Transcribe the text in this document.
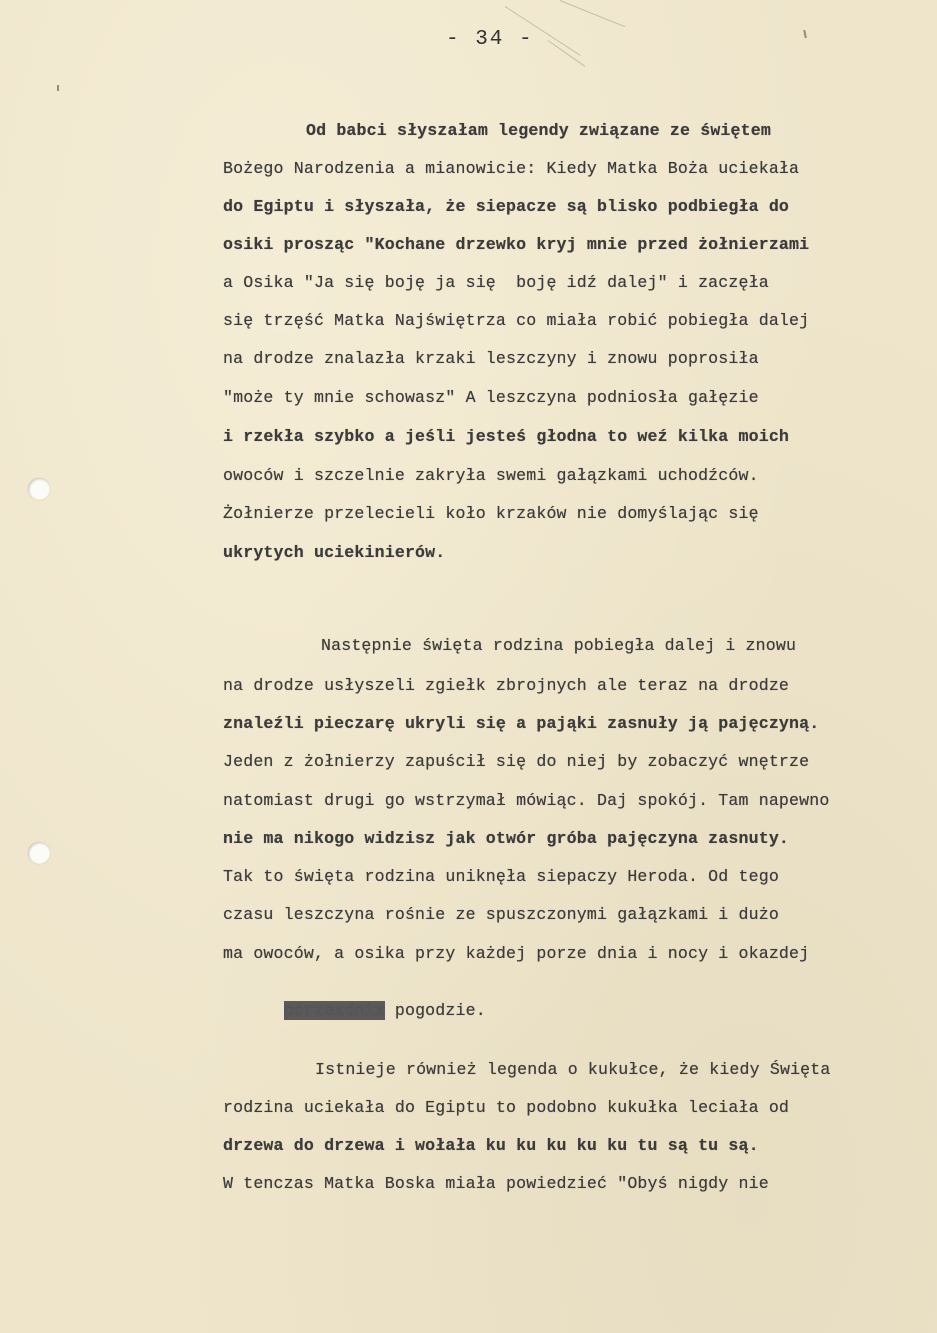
- 34 -
Od babci słyszałam legendy związane ze świętem
Bożego Narodzenia a mianowicie: Kiedy Matka Boża uciekała
do Egiptu i słyszała, że siepacze są blisko podbiegła do
osiki prosząc "Kochane drzewko kryj mnie przed żołnierzami
a Osika "Ja się boję ja się  boję idź dalej" i zaczęła
się trzęść Matka Najświętrza co miała robić pobiegła dalej
na drodze znalazła krzaki leszczyny i znowu poprosiła
"może ty mnie schowasz" A leszczyna podniosła gałęzie
i rzekła szybko a jeśli jesteś głodna to weź kilka moich
owoców i szczelnie zakryła swemi gałązkami uchodźców.
Żołnierze przelecieli koło krzaków nie domyślając się
ukrytych uciekinierów.
Następnie święta rodzina pobiegła dalej i znowu
na drodze usłyszeli zgiełk zbrojnych ale teraz na drodze
znaleźli pieczarę ukryli się a pająki zasnuły ją pajęczyną.
Jeden z żołnierzy zapuścił się do niej by zobaczyć wnętrze
natomiast drugi go wstrzymał mówiąc. Daj spokój. Tam napewno
nie ma nikogo widzisz jak otwór gróba pajęczyna zasnuty.
Tak to święta rodzina uniknęła siepaczy Heroda. Od tego
czasu leszczyna rośnie ze spuszczonymi gałązkami i dużo
ma owoców, a osika przy każdej porze dnia i nocy i okazdej

porzexdnix pogodzie.

Istnieje również legenda o kukułce, że kiedy Święta
rodzina uciekała do Egiptu to podobno kukułka leciała od
drzewa do drzewa i wołała ku ku ku ku ku tu są tu są.
W tenczas Matka Boska miała powiedzieć "Obyś nigdy nie
